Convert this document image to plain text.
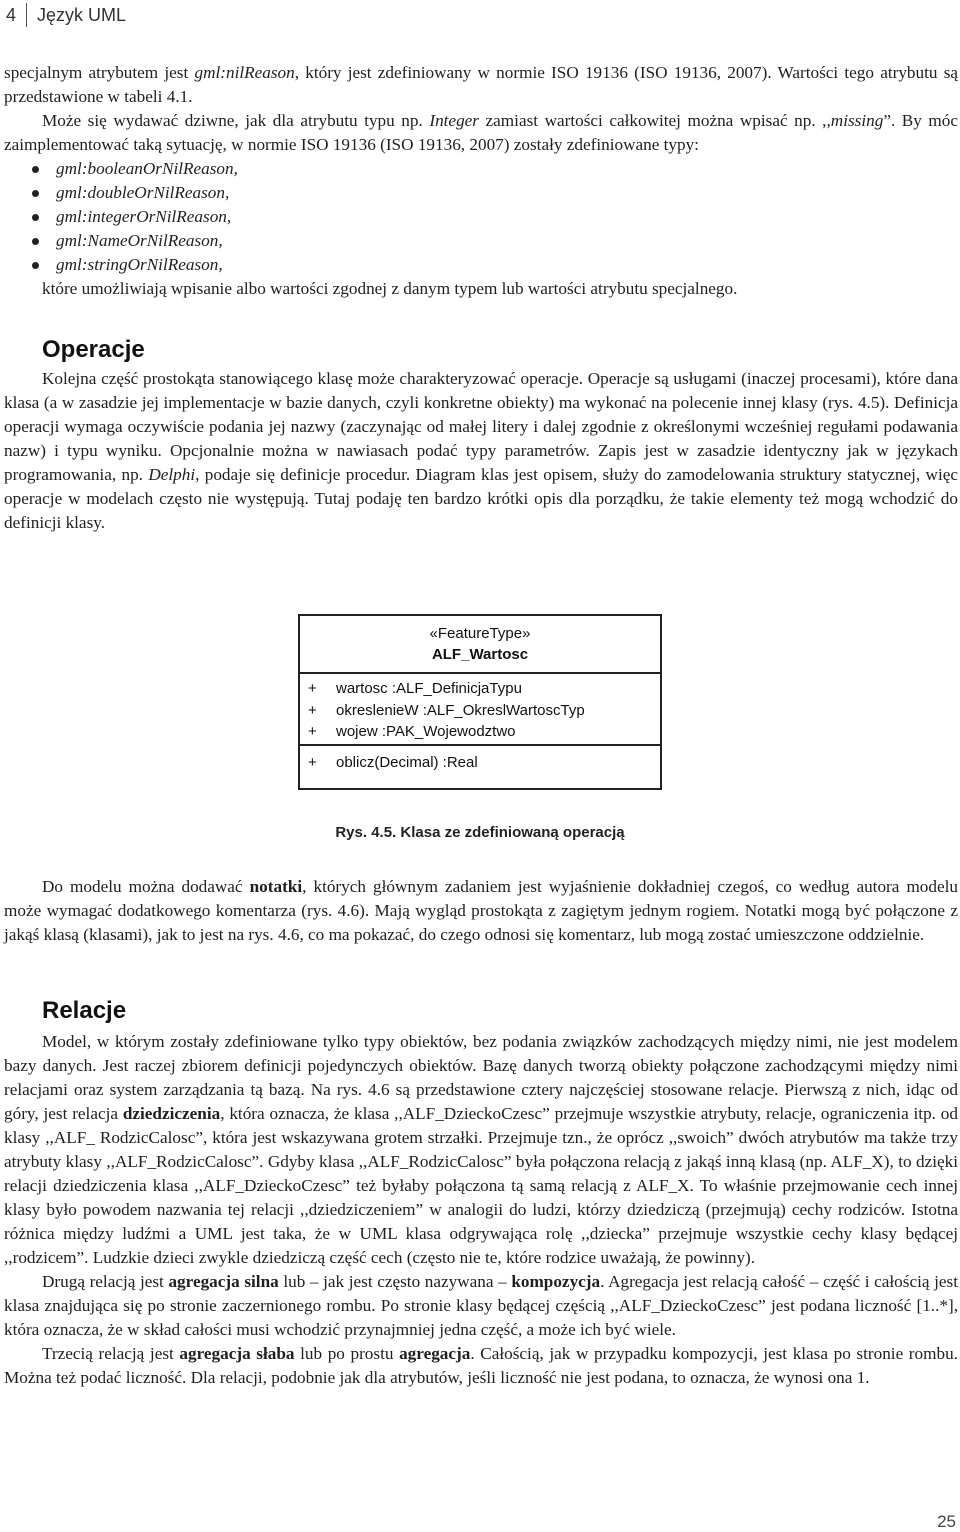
4 Język UML

specjalnym atrybutem jest gml:nilReason, który jest zdefiniowany w normie ISO 19136 (ISO 19136, 2007). Wartości tego atrybutu są przedstawione w tabeli 4.1.

Może się wydawać dziwne, jak dla atrybutu typu np. Integer zamiast wartości całkowitej można wpisać np. ,,missing”. By móc zaimplementować taką sytuację, w normie ISO 19136 (ISO 19136, 2007) zostały zdefiniowane typy:

gml:booleanOrNilReason,
gml:doubleOrNilReason,
gml:integerOrNilReason,
gml:NameOrNilReason,
gml:stringOrNilReason,

które umożliwiają wpisanie albo wartości zgodnej z danym typem lub wartości atrybutu specjalnego.

Operacje

Kolejna część prostokąta stanowiącego klasę może charakteryzować operacje. Operacje są usługami (inaczej procesami), które dana klasa (a w zasadzie jej implementacje w bazie danych, czyli konkretne obiekty) ma wykonać na polecenie innej klasy (rys. 4.5). Definicja operacji wymaga oczywiście podania jej nazwy (zaczynając od małej litery i dalej zgodnie z określonymi wcześniej regułami podawania nazw) i typu wyniku. Opcjonalnie można w nawiasach podać typy parametrów. Zapis jest w zasadzie identyczny jak w językach programowania, np. Delphi, podaje się definicje procedur. Diagram klas jest opisem, służy do zamodelowania struktury statycznej, więc operacje w modelach często nie występują. Tutaj podaję ten bardzo krótki opis dla porządku, że takie elementy też mogą wchodzić do definicji klasy.

«FeatureType»
ALF_Wartosc
+	wartosc :ALF_DefinicjaTypu
+	okreslenieW :ALF_OkreslWartoscTyp
+	wojew :PAK_Wojewodztwo
+	oblicz(Decimal) :Real
Rys. 4.5. Klasa ze zdefiniowaną operacją

Do modelu można dodawać notatki, których głównym zadaniem jest wyjaśnienie dokładniej czegoś, co według autora modelu może wymagać dodatkowego komentarza (rys. 4.6). Mają wygląd prostokąta z zagiętym jednym rogiem. Notatki mogą być połączone z jakąś klasą (klasami), jak to jest na rys. 4.6, co ma pokazać, do czego odnosi się komentarz, lub mogą zostać umieszczone oddzielnie.

Relacje

Model, w którym zostały zdefiniowane tylko typy obiektów, bez podania związków zachodzących między nimi, nie jest modelem bazy danych. Jest raczej zbiorem definicji pojedynczych obiektów. Bazę danych tworzą obiekty połączone zachodzącymi między nimi relacjami oraz system zarządzania tą bazą. Na rys. 4.6 są przedstawione cztery najczęściej stosowane relacje. Pierwszą z nich, idąc od góry, jest relacja dziedziczenia, która oznacza, że klasa ,,ALF_DzieckoCzesc” przejmuje wszystkie atrybuty, relacje, ograniczenia itp. od klasy ,,ALF_ RodzicCalosc”, która jest wskazywana grotem strzałki. Przejmuje tzn., że oprócz ,,swoich” dwóch atrybutów ma także trzy atrybuty klasy ,,ALF_RodzicCalosc”. Gdyby klasa ,,ALF_RodzicCalosc” była połączona relacją z jakąś inną klasą (np. ALF_X), to dzięki relacji dziedziczenia klasa ,,ALF_DzieckoCzesc” też byłaby połączona tą samą relacją z ALF_X. To właśnie przejmowanie cech innej klasy było powodem nazwania tej relacji ,,dziedziczeniem” w analogii do ludzi, którzy dziedziczą (przejmują) cechy rodziców. Istotna różnica między ludźmi a UML jest taka, że w UML klasa odgrywająca rolę ,,dziecka” przejmuje wszystkie cechy klasy będącej ,,rodzicem”. Ludzkie dzieci zwykle dziedziczą część cech (często nie te, które rodzice uważają, że powinny).

Drugą relacją jest agregacja silna lub – jak jest często nazywana – kompozycja. Agregacja jest relacją całość – część i całością jest klasa znajdująca się po stronie zaczernionego rombu. Po stronie klasy będącej częścią ,,ALF_DzieckoCzesc” jest podana liczność [1..*], która oznacza, że w skład całości musi wchodzić przynajmniej jedna część, a może ich być wiele.

Trzecią relacją jest agregacja słaba lub po prostu agregacja. Całością, jak w przypadku kompozycji, jest klasa po stronie rombu. Można też podać liczność. Dla relacji, podobnie jak dla atrybutów, jeśli liczność nie jest podana, to oznacza, że wynosi ona 1.

25
